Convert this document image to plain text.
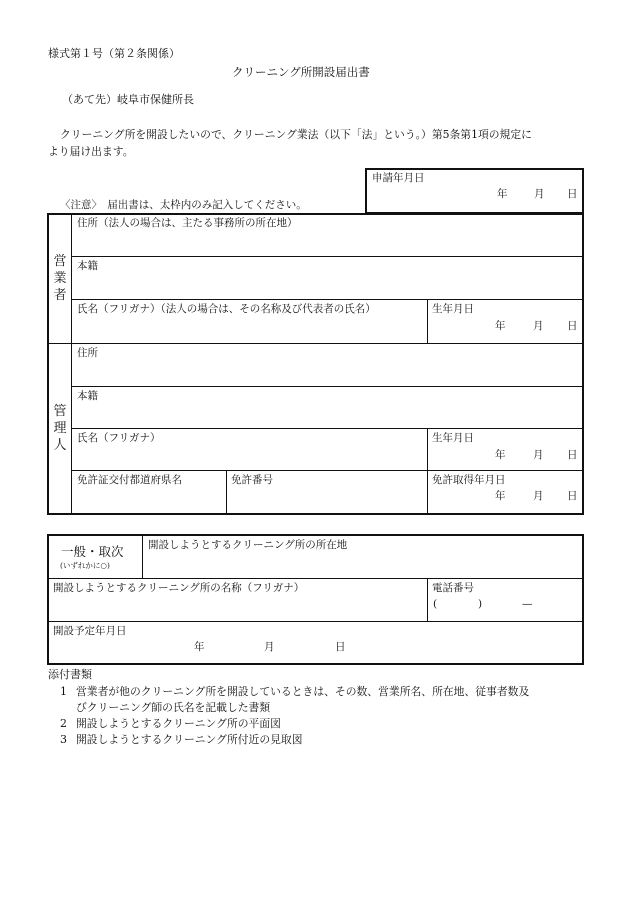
様式第１号（第２条関係）
クリーニング所開設届出書
（あて先）岐阜市保健所長
クリーニング所を開設したいので、クリーニング業法（以下「法」という。）第5条第1項の規定に
より届け出ます。
申請年月日
年	月 日
〈注意〉　届出書は、太枠内のみ記入してください。
営業者
住所（法人の場合は、主たる事務所の所在地）
本籍
氏名（フリガナ）（法人の場合は、その名称及び代表者の氏名）	生年月日
年	月 日
管理人
住所
本籍
氏名（フリガナ）	生年月日
年	月 日
免許証交付都道府県名	免許番号	免許取得年月日
年	月 日
一般・取次
(いずれかに○)
開設しようとするクリーニング所の所在地
開設しようとするクリーニング所の名称（フリガナ）	電話番号
(	)	—
開設予定年月日
年	月	日
添付書類
1 営業者が他のクリーニング所を開設しているときは、その数、営業所名、所在地、従事者数及
びクリーニング師の氏名を記載した書類
2 開設しようとするクリーニング所の平面図
3 開設しようとするクリーニング所付近の見取図
